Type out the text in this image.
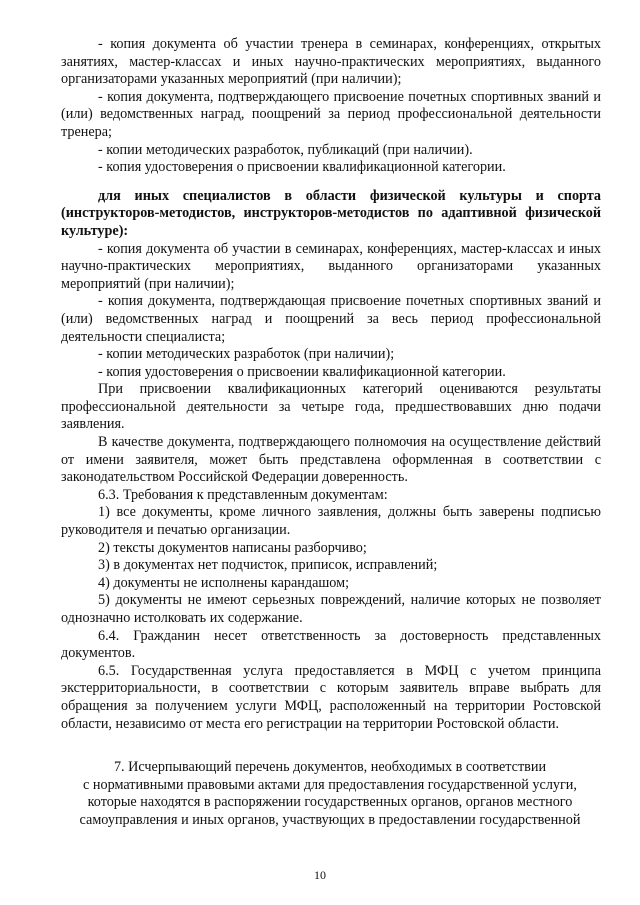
- копия документа об участии тренера в семинарах, конференциях, открытых занятиях, мастер-классах и иных научно-практических мероприятиях, выданного организаторами указанных мероприятий (при наличии);

- копия документа, подтверждающего присвоение почетных спортивных званий и (или) ведомственных наград, поощрений за период профессиональной деятельности тренера;

- копии методических разработок, публикаций (при наличии).

- копия удостоверения о присвоении квалификационной категории.

для иных специалистов в области физической культуры и спорта (инструкторов-методистов, инструкторов-методистов по адаптивной физической культуре):

- копия документа об участии в семинарах, конференциях, мастер-классах и иных научно-практических мероприятиях, выданного организаторами указанных мероприятий (при наличии);

- копия документа, подтверждающая присвоение почетных спортивных званий и (или) ведомственных наград и поощрений за весь период профессиональной деятельности специалиста;

- копии методических разработок (при наличии);

- копия удостоверения о присвоении квалификационной категории.

При присвоении квалификационных категорий оцениваются результаты профессиональной деятельности за четыре года, предшествовавших дню подачи заявления.

В качестве документа, подтверждающего полномочия на осуществление действий от имени заявителя, может быть представлена оформленная в соответствии с законодательством Российской Федерации доверенность.

6.3. Требования к представленным документам:

1) все документы, кроме личного заявления, должны быть заверены подписью руководителя и печатью организации.

2) тексты документов написаны разборчиво;

3) в документах нет подчисток, приписок, исправлений;

4) документы не исполнены карандашом;

5) документы не имеют серьезных повреждений, наличие которых не позволяет однозначно истолковать их содержание.

6.4. Гражданин несет ответственность за достоверность представленных документов.

6.5. Государственная услуга предоставляется в МФЦ с учетом принципа экстерриториальности, в соответствии с которым заявитель вправе выбрать для обращения за получением услуги МФЦ, расположенный на территории Ростовской области, независимо от места его регистрации на территории Ростовской области.

7. Исчерпывающий перечень документов, необходимых в соответствии
с нормативными правовыми актами для предоставления государственной услуги,
которые находятся в распоряжении государственных органов, органов местного
самоуправления и иных органов, участвующих в предоставлении государственной
10
